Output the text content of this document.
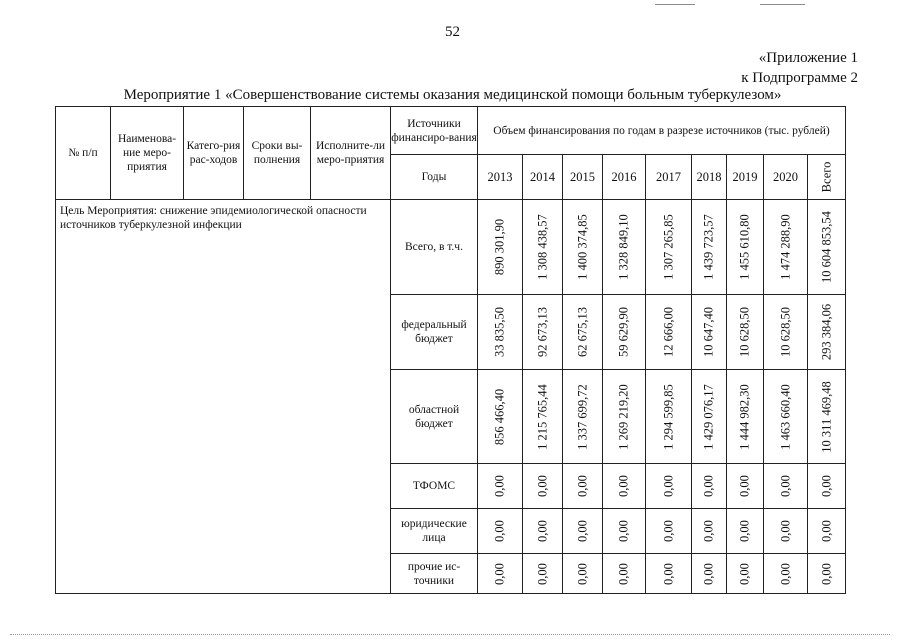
52
«Приложение 1
к Подпрограмме 2
Мероприятие 1 «Совершенствование системы оказания медицинской помощи больным туберкулезом»
№ п/п	Наименова-ние меро-приятия	Катего-рия рас-ходов	Сроки вы-полнения	Исполните-ли меро-приятия	Источники финансиро-вания	Объем финансирования по годам в разрезе источников (тыс. рублей)								
					Годы	2013	2014	2015	2016	2017	2018	2019	2020	Всего

Цель Мероприятия: снижение эпидемиологической опасности источников туберкулезной инфекции					Всего, в т.ч.	890 301,90	1 308 438,57	1 400 374,85	1 328 849,10	1 307 265,85	1 439 723,57	1 455 610,80	1 474 288,90	10 604 853,54

					федеральный бюджет	33 835,50	92 673,13	62 675,13	59 629,90	12 666,00	10 647,40	10 628,50	10 628,50	293 384,06

					областной бюджет	856 466,40	1 215 765,44	1 337 699,72	1 269 219,20	1 294 599,85	1 429 076,17	1 444 982,30	1 463 660,40	10 311 469,48

					ТФОМС	0,00	0,00	0,00	0,00	0,00	0,00	0,00	0,00	0,00

					юридические лица	0,00	0,00	0,00	0,00	0,00	0,00	0,00	0,00	0,00

					прочие ис-точники	0,00	0,00	0,00	0,00	0,00	0,00	0,00	0,00	0,00
